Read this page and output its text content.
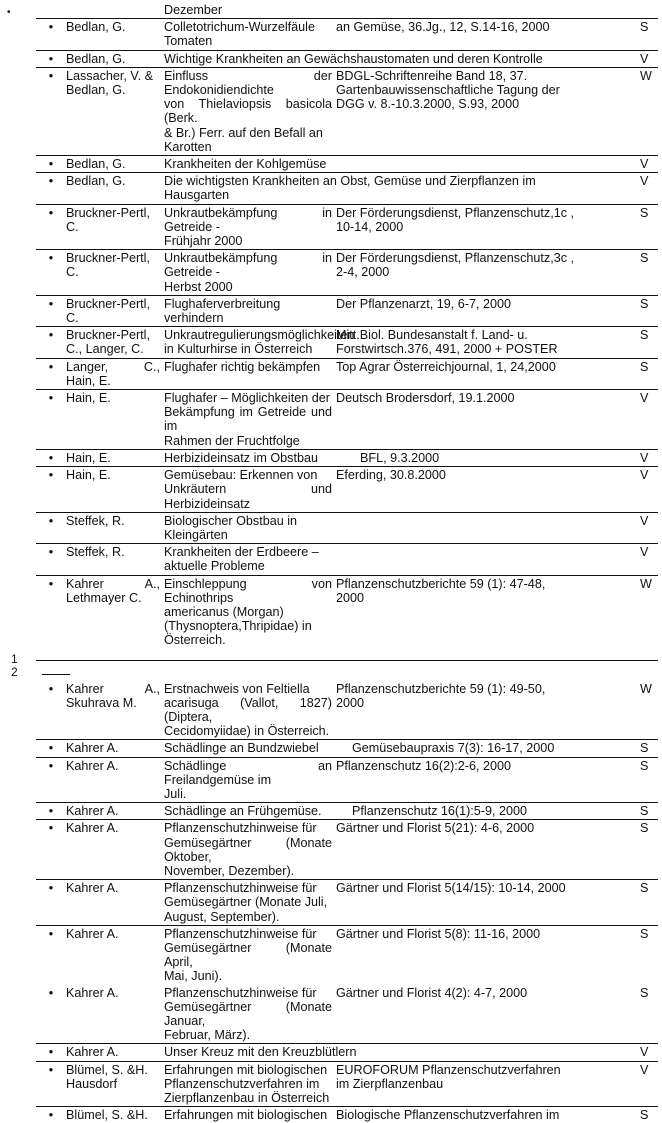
•
			Dezember		
•	Bedlan, G.	Colletotrichum-Wurzelfäule
Tomaten	an Gemüse, 36.Jg., 12, S.14-16, 2000	S
•	Bedlan, G.	Wichtige Krankheiten an Gewächshaustomaten und deren Kontrolle		V
•	Lassacher, V. &
Bedlan, G.	Einfluss der Endokonidiendichte
von Thielaviopsis basicola (Berk.
& Br.) Ferr. auf den Befall an
Karotten	BDGL-Schriftenreihe Band 18, 37.
Gartenbauwissenschaftliche Tagung der
DGG v. 8.-10.3.2000, S.93, 2000	W
•	Bedlan, G.	Krankheiten der Kohlgemüse		V
•	Bedlan, G.	Die wichtigsten Krankheiten an Obst, Gemüse und Zierpflanzen im
Hausgarten		V
•	Bruckner-Pertl,
C.	Unkrautbekämpfung in Getreide -
Frühjahr 2000	Der Förderungsdienst, Pflanzenschutz,1c ,
10-14, 2000	S
•	Bruckner-Pertl,
C.	Unkrautbekämpfung in Getreide -
Herbst 2000	Der Förderungsdienst, Pflanzenschutz,3c ,
2-4, 2000	S
•	Bruckner-Pertl,
C.	Flughaferverbreitung verhindern	Der Pflanzenarzt, 19, 6-7, 2000	S
•	Bruckner-Pertl,
C., Langer, C.	Unkrautregulierungsmöglichkeiten
in Kulturhirse in Österreich	Mitt.Biol. Bundesanstalt f. Land- u.
Forstwirtsch.376, 491, 2000 + POSTER	S
•	Langer, C.,
Hain, E.	Flughafer richtig bekämpfen	Top Agrar Österreichjournal, 1, 24,2000	S
•	Hain, E.	Flughafer – Möglichkeiten der
Bekämpfung im Getreide und im
Rahmen der Fruchtfolge	Deutsch Brodersdorf, 19.1.2000	V
•	Hain, E.	Herbizideinsatz im Obstbau	BFL, 9.3.2000	V
•	Hain, E.	Gemüsebau: Erkennen von
Unkräutern und Herbizideinsatz	Eferding, 30.8.2000	V
•	Steffek, R.	Biologischer Obstbau in
Kleingärten		V
•	Steffek, R.	Krankheiten der Erdbeere –
aktuelle Probleme		V
•	Kahrer A.,
Lethmayer C.	Einschleppung von Echinothrips
americanus (Morgan)
(Thysnoptera,Thripidae) in
Österreich.	Pflanzenschutzberichte 59 (1): 47-48,
2000	W

1
2				

•	Kahrer A.,
Skuhrava M.	Erstnachweis von Feltiella
acarisuga (Vallot, 1827) (Diptera,
Cecidomyiidae) in Österreich.	Pflanzenschutzberichte 59 (1): 49-50,
2000	W
•	Kahrer A.	Schädlinge an Bundzwiebel	Gemüsebaupraxis 7(3): 16-17, 2000	S
•	Kahrer A.	Schädlinge an Freilandgemüse im
Juli.	Pflanzenschutz 16(2):2-6, 2000	S
•	Kahrer A.	Schädlinge an Frühgemüse.	Pflanzenschutz 16(1):5-9, 2000	S
•	Kahrer A.	Pflanzenschutzhinweise für
Gemüsegärtner (Monate Oktober,
November, Dezember).	Gärtner und Florist 5(21): 4-6, 2000	S
•	Kahrer A.	Pflanzenschutzhinweise für
Gemüsegärtner (Monate Juli,
August, September).	Gärtner und Florist 5(14/15): 10-14, 2000	S
•	Kahrer A.	Pflanzenschutzhinweise für
Gemüsegärtner (Monate April,
Mai, Juni).	Gärtner und Florist 5(8): 11-16, 2000	S
•	Kahrer A.	Pflanzenschutzhinweise für
Gemüsegärtner (Monate Januar,
Februar, März).	Gärtner und Florist 4(2): 4-7, 2000	S
•	Kahrer A.	Unser Kreuz mit den Kreuzblütlern		V
•	Blümel, S. &H.
Hausdorf	Erfahrungen mit biologischen
Pflanzenschutzverfahren im
Zierpflanzenbau in Österreich	EUROFORUM Pflanzenschutzverfahren
im Zierpflanzenbau	V
•	Blümel, S. &H.	Erfahrungen mit biologischen	Biologische Pflanzenschutzverfahren im	S
